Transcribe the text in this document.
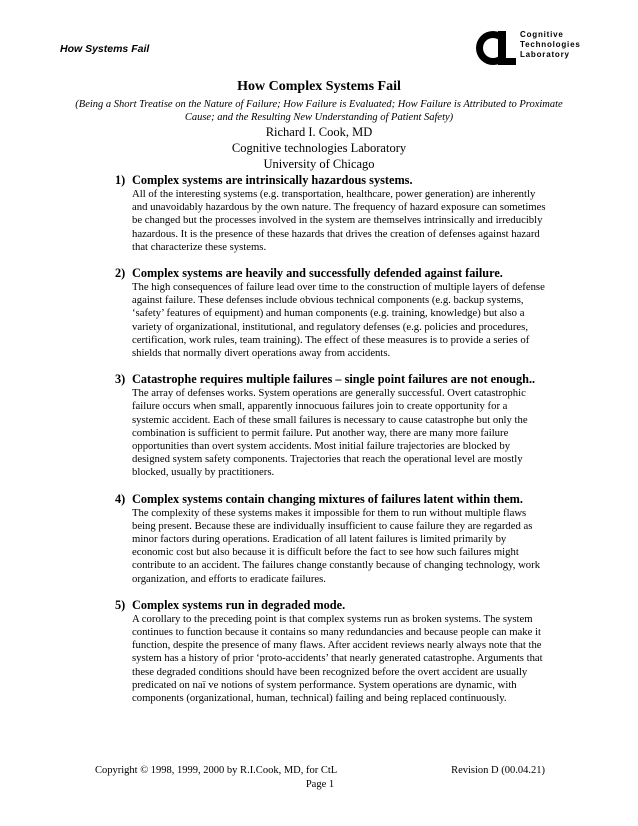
How Systems Fail
Cognitive
Technologies
Laboratory

How Complex Systems Fail

(Being a Short Treatise on the Nature of Failure; How Failure is Evaluated; How Failure is Attributed to Proximate Cause; and the Resulting New Understanding of Patient Safety)

Richard I. Cook, MD

Cognitive technologies Laboratory

University of Chicago

1) Complex systems are intrinsically hazardous systems.
All of the interesting systems (e.g. transportation, healthcare, power generation) are inherently and unavoidably hazardous by the own nature. The frequency of hazard exposure can sometimes be changed but the processes involved in the system are themselves intrinsically and irreducibly hazardous. It is the presence of these hazards that drives the creation of defenses against hazard that characterize these systems.
2) Complex systems are heavily and successfully defended against failure.
The high consequences of failure lead over time to the construction of multiple layers of defense against failure. These defenses include obvious technical components (e.g. backup systems, ‘safety’ features of equipment) and human components (e.g. training, knowledge) but also a variety of organizational, institutional, and regulatory defenses (e.g. policies and procedures, certification, work rules, team training). The effect of these measures is to provide a series of shields that normally divert operations away from accidents.
3) Catastrophe requires multiple failures – single point failures are not enough..
The array of defenses works. System operations are generally successful. Overt catastrophic failure occurs when small, apparently innocuous failures join to create opportunity for a systemic accident. Each of these small failures is necessary to cause catastrophe but only the combination is sufficient to permit failure. Put another way, there are many more failure opportunities than overt system accidents. Most initial failure trajectories are blocked by designed system safety components. Trajectories that reach the operational level are mostly blocked, usually by practitioners.
4) Complex systems contain changing mixtures of failures latent within them.
The complexity of these systems makes it impossible for them to run without multiple flaws being present. Because these are individually insufficient to cause failure they are regarded as minor factors during operations. Eradication of all latent failures is limited primarily by economic cost but also because it is difficult before the fact to see how such failures might contribute to an accident. The failures change constantly because of changing technology, work organization, and efforts to eradicate failures.
5) Complex systems run in degraded mode.
A corollary to the preceding point is that complex systems run as broken systems. The system continues to function because it contains so many redundancies and because people can make it function, despite the presence of many flaws. After accident reviews nearly always note that the system has a history of prior ‘proto-accidents’ that nearly generated catastrophe. Arguments that these degraded conditions should have been recognized before the overt accident are usually predicated on naï ve notions of system performance. System operations are dynamic, with components (organizational, human, technical) failing and being replaced continuously.
Copyright © 1998, 1999, 2000 by R.I.Cook, MD, for CtL	Revision D (00.04.21)
Page 1
